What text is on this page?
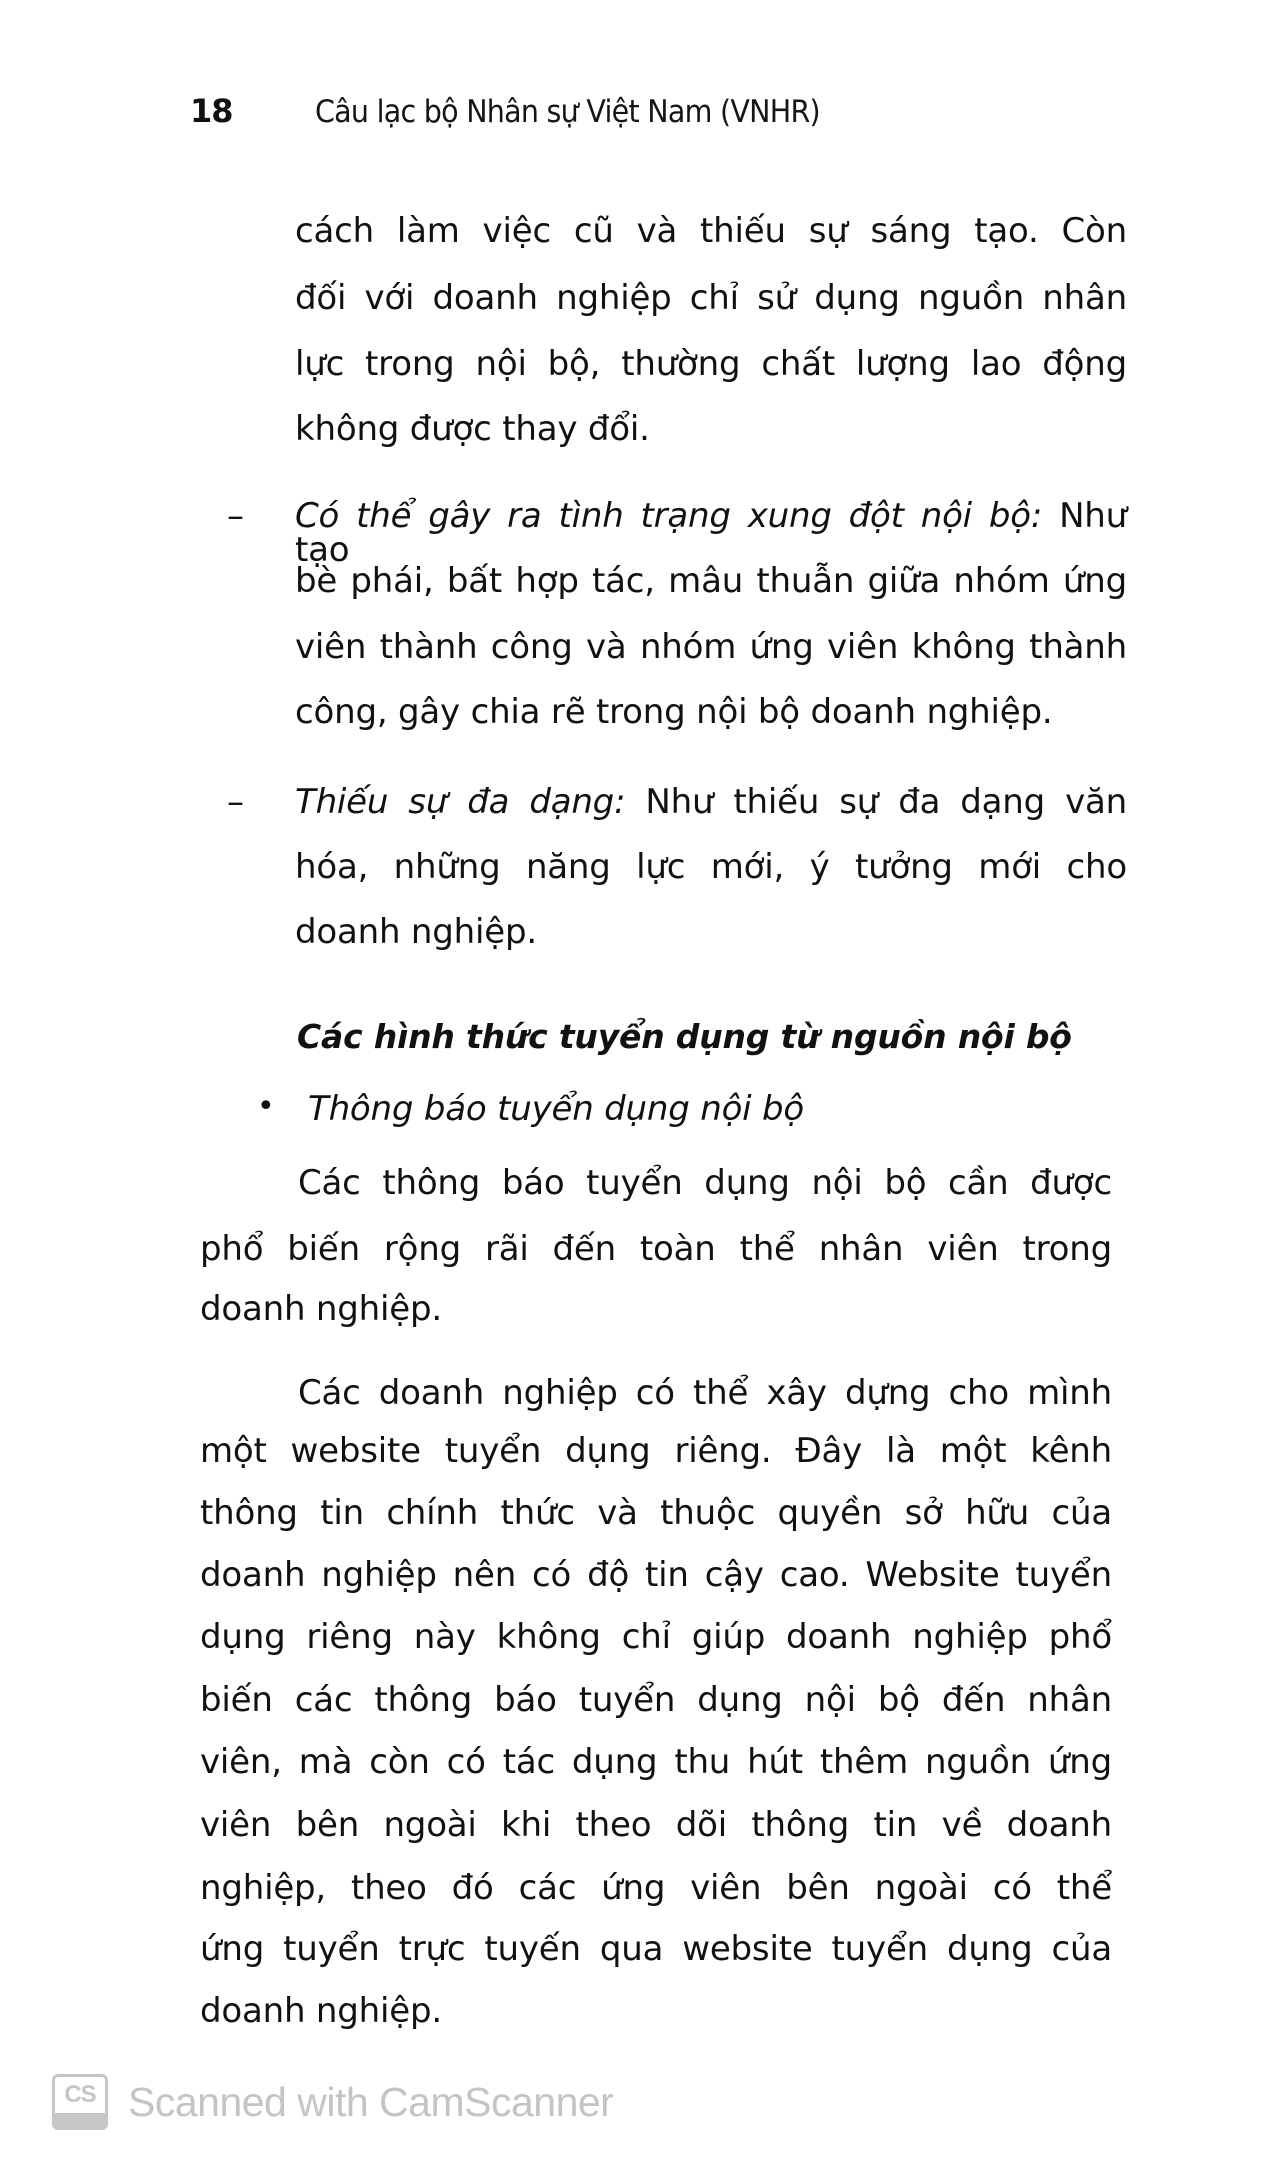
18	Câu lạc bộ Nhân sự Việt Nam (VNHR)
cách làm việc cũ và thiếu sự sáng tạo. Còn
đối với doanh nghiệp chỉ sử dụng nguồn nhân
lực trong nội bộ, thường chất lượng lao động
không được thay đổi.
– Có thể gây ra tình trạng xung đột nội bộ: Như tạo
bè phái, bất hợp tác, mâu thuẫn giữa nhóm ứng
viên thành công và nhóm ứng viên không thành
công, gây chia rẽ trong nội bộ doanh nghiệp.
– Thiếu sự đa dạng: Như thiếu sự đa dạng văn
hóa, những năng lực mới, ý tưởng mới cho
doanh nghiệp.
Các hình thức tuyển dụng từ nguồn nội bộ
• Thông báo tuyển dụng nội bộ
Các thông báo tuyển dụng nội bộ cần được
phổ biến rộng rãi đến toàn thể nhân viên trong
doanh nghiệp.
Các doanh nghiệp có thể xây dựng cho mình
một website tuyển dụng riêng. Đây là một kênh
thông tin chính thức và thuộc quyền sở hữu của
doanh nghiệp nên có độ tin cậy cao. Website tuyển
dụng riêng này không chỉ giúp doanh nghiệp phổ
biến các thông báo tuyển dụng nội bộ đến nhân
viên, mà còn có tác dụng thu hút thêm nguồn ứng
viên bên ngoài khi theo dõi thông tin về doanh
nghiệp, theo đó các ứng viên bên ngoài có thể
ứng tuyển trực tuyến qua website tuyển dụng của
doanh nghiệp.
CS Scanned with CamScanner
